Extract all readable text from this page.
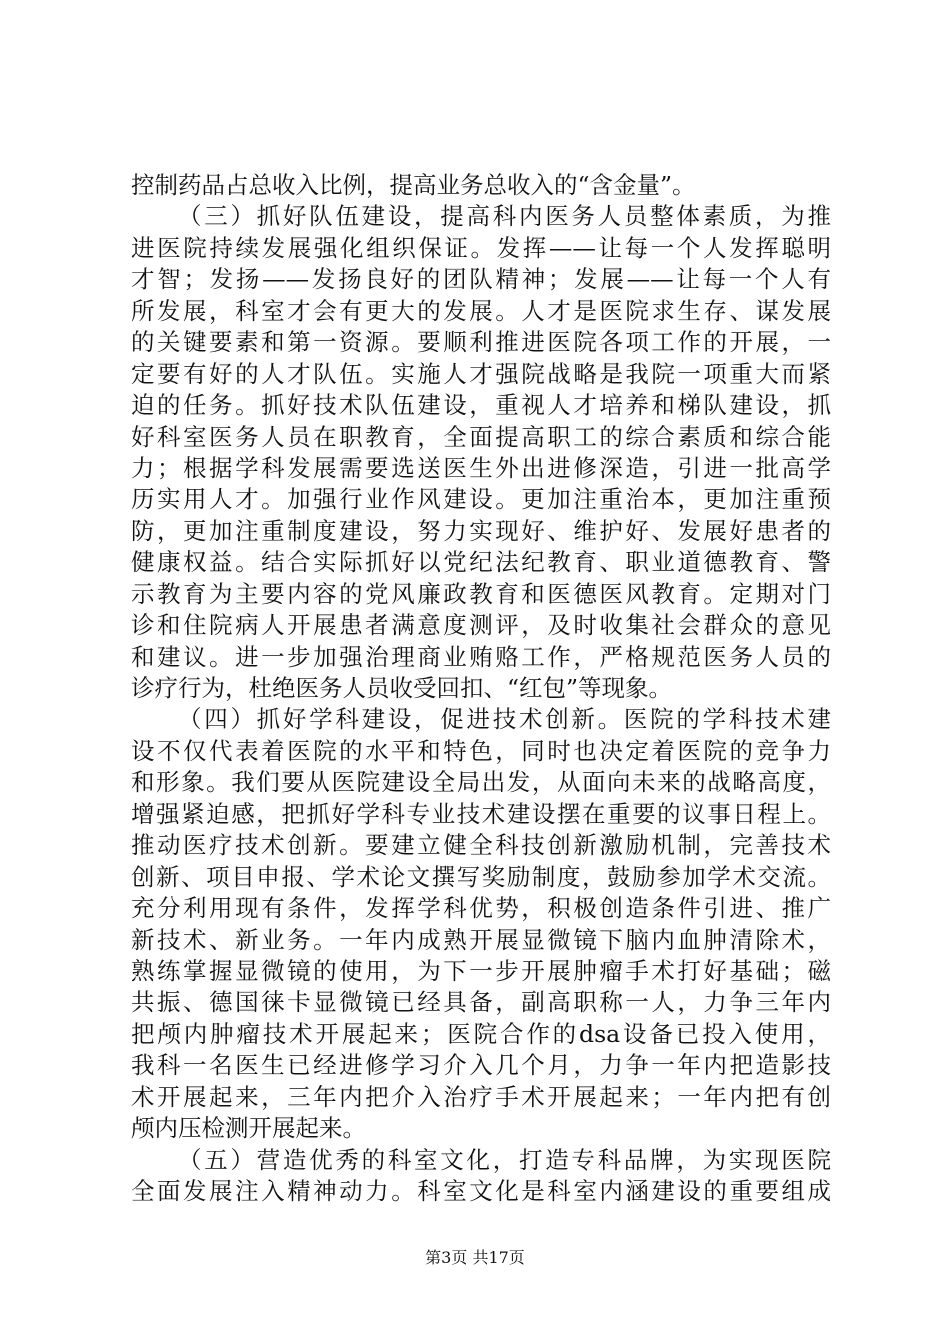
控制药品占总收入比例，提高业务总收入的“含金量”。
（三）抓好队伍建设，提高科内医务人员整体素质，为推
进医院持续发展强化组织保证。发挥——让每一个人发挥聪明
才智；发扬——发扬良好的团队精神；发展——让每一个人有
所发展，科室才会有更大的发展。人才是医院求生存、谋发展
的关键要素和第一资源。要顺利推进医院各项工作的开展，一
定要有好的人才队伍。实施人才强院战略是我院一项重大而紧
迫的任务。抓好技术队伍建设，重视人才培养和梯队建设，抓
好科室医务人员在职教育，全面提高职工的综合素质和综合能
力；根据学科发展需要选送医生外出进修深造，引进一批高学
历实用人才。加强行业作风建设。更加注重治本，更加注重预
防，更加注重制度建设，努力实现好、维护好、发展好患者的
健康权益。结合实际抓好以党纪法纪教育、职业道德教育、警
示教育为主要内容的党风廉政教育和医德医风教育。定期对门
诊和住院病人开展患者满意度测评，及时收集社会群众的意见
和建议。进一步加强治理商业贿赂工作，严格规范医务人员的
诊疗行为，杜绝医务人员收受回扣、“红包”等现象。
（四）抓好学科建设，促进技术创新。医院的学科技术建
设不仅代表着医院的水平和特色，同时也决定着医院的竞争力
和形象。我们要从医院建设全局出发，从面向未来的战略高度，
增强紧迫感，把抓好学科专业技术建设摆在重要的议事日程上。
推动医疗技术创新。要建立健全科技创新激励机制，完善技术
创新、项目申报、学术论文撰写奖励制度，鼓励参加学术交流。
充分利用现有条件，发挥学科优势，积极创造条件引进、推广
新技术、新业务。一年内成熟开展显微镜下脑内血肿清除术，
熟练掌握显微镜的使用，为下一步开展肿瘤手术打好基础；磁
共振、德国徕卡显微镜已经具备，副高职称一人，力争三年内
把颅内肿瘤技术开展起来；医院合作的dsa设备已投入使用，
我科一名医生已经进修学习介入几个月，力争一年内把造影技
术开展起来，三年内把介入治疗手术开展起来；一年内把有创
颅内压检测开展起来。
（五）营造优秀的科室文化，打造专科品牌，为实现医院
全面发展注入精神动力。科室文化是科室内涵建设的重要组成
第3页 共17页
